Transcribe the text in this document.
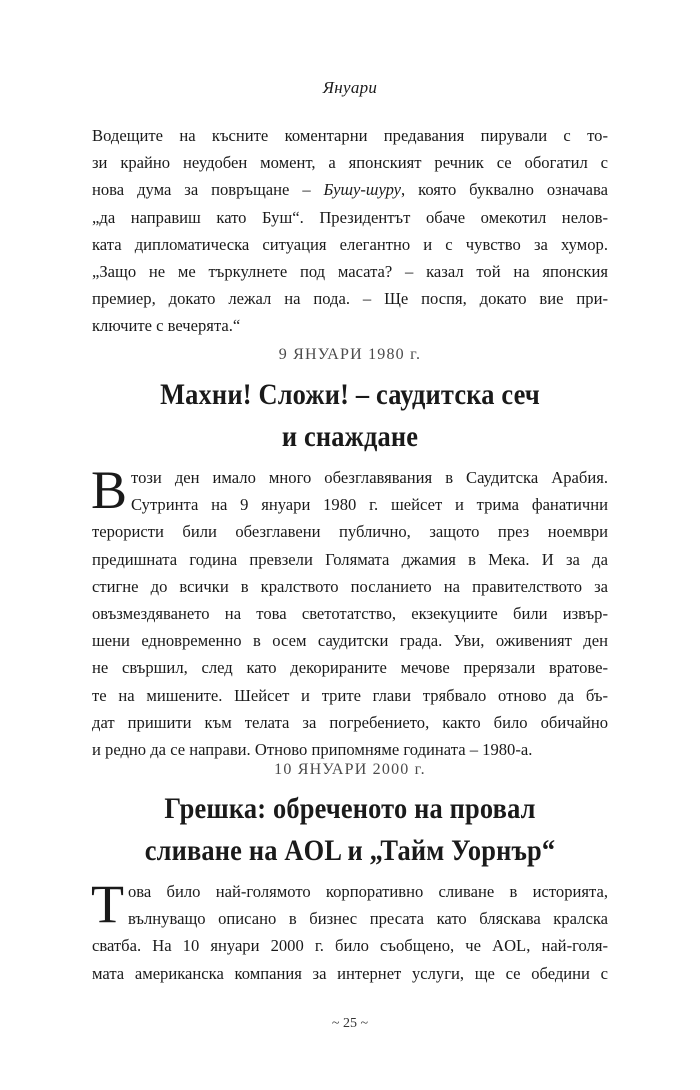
Януари
Водещите на късните коментарни предавания пирували с то-
зи крайно неудобен момент, а японският речник се обогатил с
нова дума за повръщане – Бушу-шуру, която буквално означава
„да направиш като Буш“. Президентът обаче омекотил нелов-
ката дипломатическа ситуация елегантно и с чувство за хумор.
„Защо не ме търкулнете под масата? – казал той на японския
премиер, докато лежал на пода. – Ще поспя, докато вие при-
ключите с вечерята.“
9 ЯНУАРИ 1980 г.
Махни! Сложи! – саудитска сеч
и снаждане
В този ден имало много обезглавявания в Саудитска Арабия.
Сутринта на 9 януари 1980 г. шейсет и трима фанатични
терористи били обезглавени публично, защото през ноември
предишната година превзели Голямата джамия в Мека. И за да
стигне до всички в кралството посланието на правителството за
овъзмездяването на това светотатство, екзекуциите били извър-
шени едновременно в осем саудитски града. Уви, оживеният ден
не свършил, след като декорираните мечове прерязали вратове-
те на мишените. Шейсет и трите глави трябвало отново да бъ-
дат пришити към телата за погребението, както било обичайно
и редно да се направи. Отново припомняме годината – 1980-а.
10 ЯНУАРИ 2000 г.
Грешка: обреченото на провал
сливане на AOL и „Тайм Уорнър“
Т ова било най-голямото корпоративно сливане в историята,
вълнуващо описано в бизнес пресата като бляскава кралска
сватба. На 10 януари 2000 г. било съобщено, че AOL, най-голя-
мата американска компания за интернет услуги, ще се обедини с
~ 25 ~
